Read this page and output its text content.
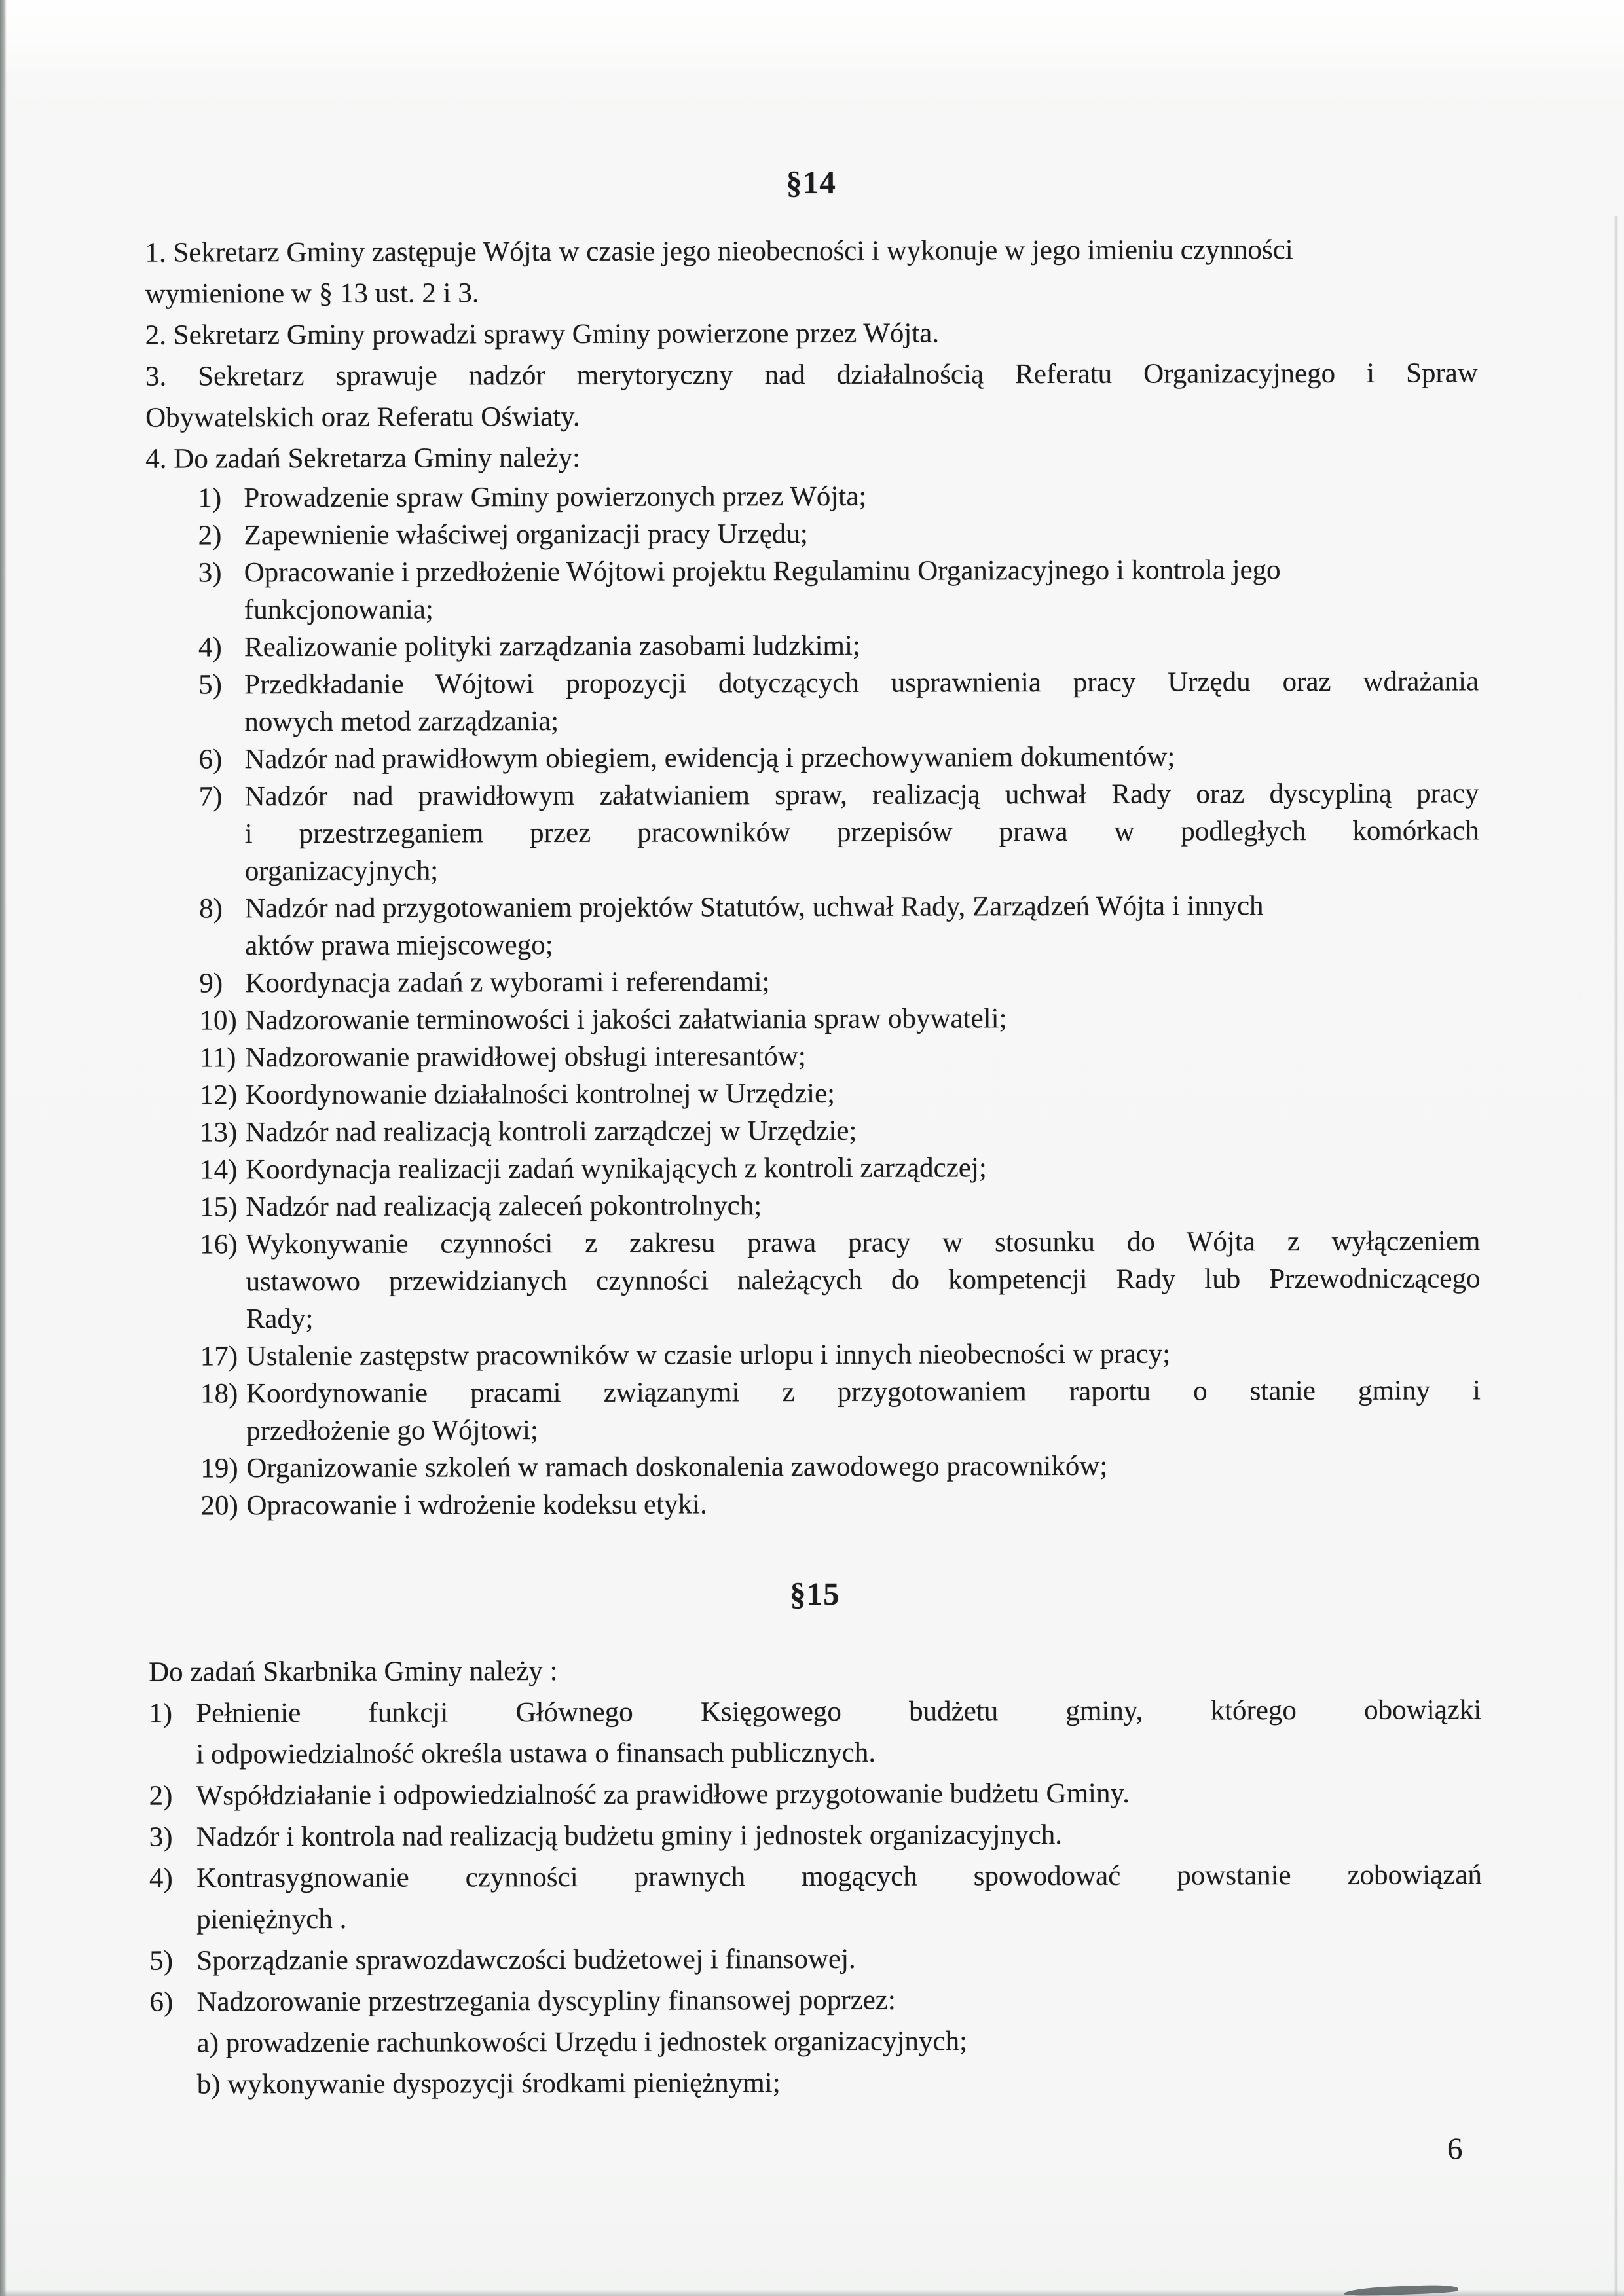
§14
1. Sekretarz Gminy zastępuje Wójta w czasie jego nieobecności i wykonuje w jego imieniu czynności
wymienione w § 13 ust. 2 i 3.
2. Sekretarz Gminy prowadzi sprawy Gminy powierzone przez Wójta.
3. Sekretarz sprawuje nadzór merytoryczny nad działalnością Referatu Organizacyjnego i Spraw
Obywatelskich oraz Referatu Oświaty.
4. Do zadań Sekretarza Gminy należy:
1) Prowadzenie spraw Gminy powierzonych przez Wójta;
2) Zapewnienie właściwej organizacji pracy Urzędu;
3) Opracowanie i przedłożenie Wójtowi projektu Regulaminu Organizacyjnego i kontrola jego
funkcjonowania;
4) Realizowanie polityki zarządzania zasobami ludzkimi;
5) Przedkładanie Wójtowi propozycji dotyczących usprawnienia pracy Urzędu oraz wdrażania
nowych metod zarządzania;
6) Nadzór nad prawidłowym obiegiem, ewidencją i przechowywaniem dokumentów;
7) Nadzór nad prawidłowym załatwianiem spraw, realizacją uchwał Rady oraz dyscypliną pracy
i przestrzeganiem przez pracowników przepisów prawa w podległych komórkach
organizacyjnych;
8) Nadzór nad przygotowaniem projektów Statutów, uchwał Rady, Zarządzeń Wójta i innych
aktów prawa miejscowego;
9) Koordynacja zadań z wyborami i referendami;
10) Nadzorowanie terminowości i jakości załatwiania spraw obywateli;
11) Nadzorowanie prawidłowej obsługi interesantów;
12) Koordynowanie działalności kontrolnej w Urzędzie;
13) Nadzór nad realizacją kontroli zarządczej w Urzędzie;
14) Koordynacja realizacji zadań wynikających z kontroli zarządczej;
15) Nadzór nad realizacją zaleceń pokontrolnych;
16) Wykonywanie czynności z zakresu prawa pracy w stosunku do Wójta z wyłączeniem
ustawowo przewidzianych czynności należących do kompetencji Rady lub Przewodniczącego
Rady;
17) Ustalenie zastępstw pracowników w czasie urlopu i innych nieobecności w pracy;
18) Koordynowanie pracami związanymi z przygotowaniem raportu o stanie gminy i
przedłożenie go Wójtowi;
19) Organizowanie szkoleń w ramach doskonalenia zawodowego pracowników;
20) Opracowanie i wdrożenie kodeksu etyki.
§15
Do zadań Skarbnika Gminy należy :
1) Pełnienie funkcji Głównego Księgowego budżetu gminy, którego obowiązki
i odpowiedzialność określa ustawa o finansach publicznych.
2) Współdziałanie i odpowiedzialność za prawidłowe przygotowanie budżetu Gminy.
3) Nadzór i kontrola nad realizacją budżetu gminy i jednostek organizacyjnych.
4) Kontrasygnowanie czynności prawnych mogących spowodować powstanie zobowiązań
pieniężnych .
5) Sporządzanie sprawozdawczości budżetowej i finansowej.
6) Nadzorowanie przestrzegania dyscypliny finansowej poprzez:
a) prowadzenie rachunkowości Urzędu i jednostek organizacyjnych;
b) wykonywanie dyspozycji środkami pieniężnymi;
6
